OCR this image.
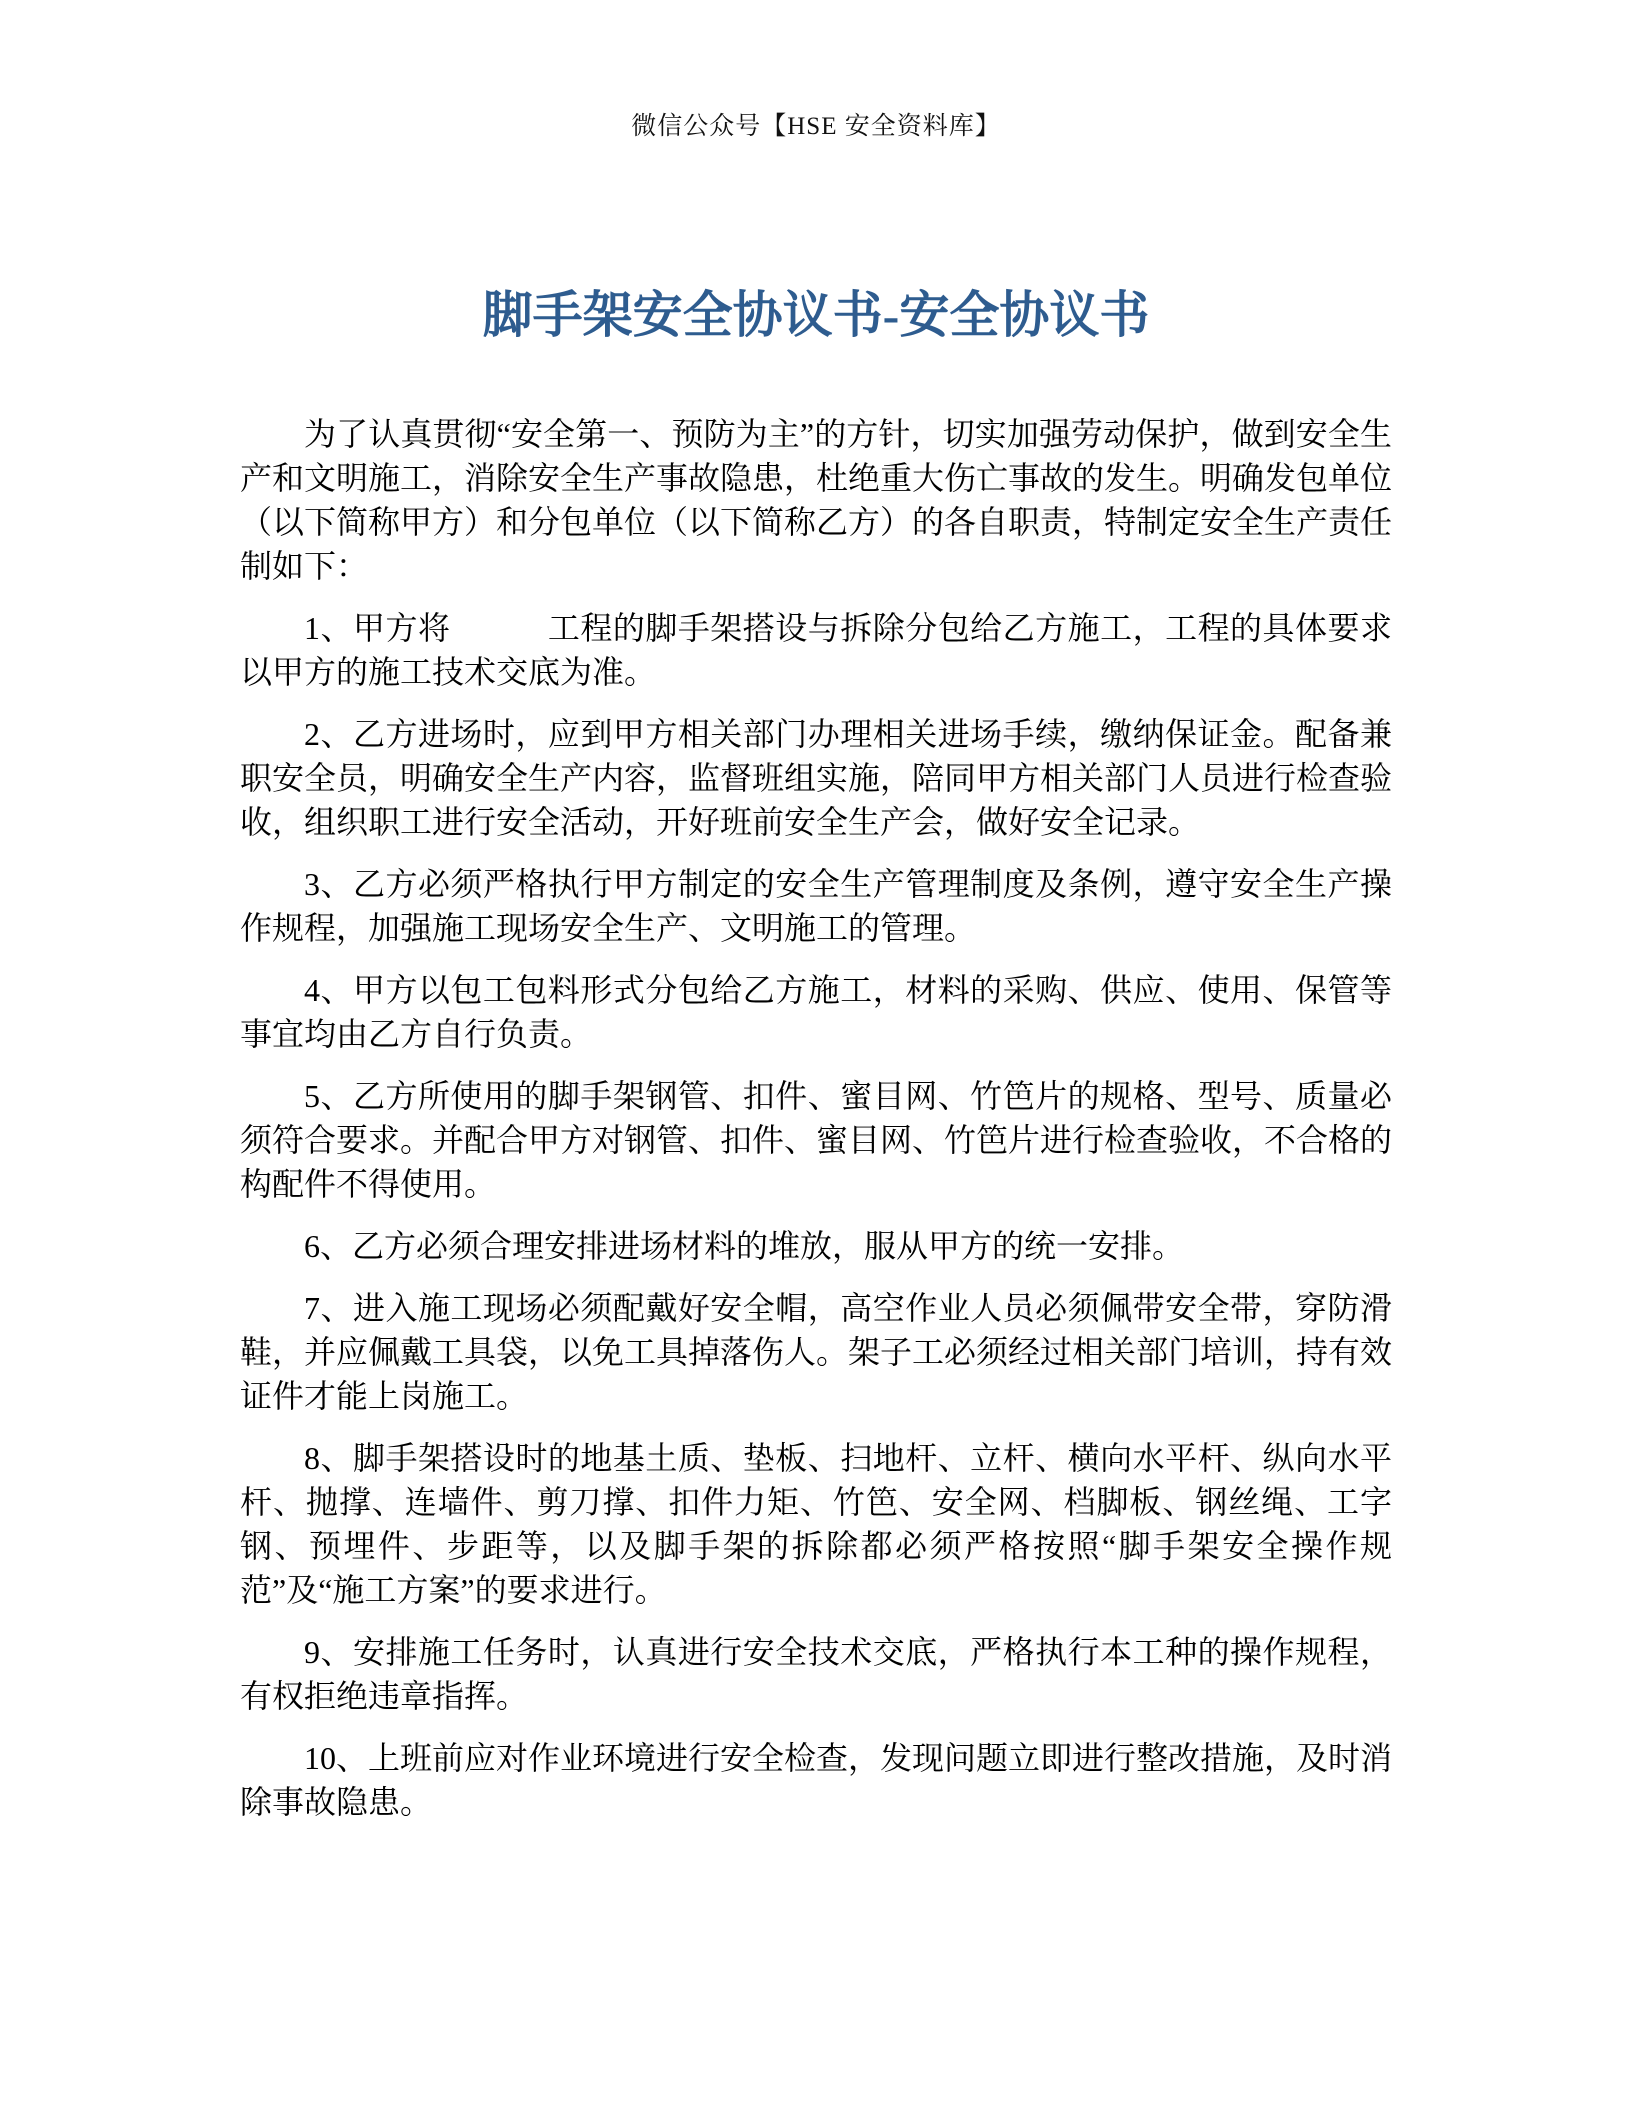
微信公众号【HSE 安全资料库】
脚手架安全协议书-安全协议书

为了认真贯彻“安全第一、预防为主”的方针，切实加强劳动保护，做到安全生产和文明施工，消除安全生产事故隐患，杜绝重大伤亡事故的发生。明确发包单位（以下简称甲方）和分包单位（以下简称乙方）的各自职责，特制定安全生产责任制如下：

1、甲方将　　　工程的脚手架搭设与拆除分包给乙方施工，工程的具体要求以甲方的施工技术交底为准。

2、乙方进场时，应到甲方相关部门办理相关进场手续，缴纳保证金。配备兼职安全员，明确安全生产内容，监督班组实施，陪同甲方相关部门人员进行检查验收，组织职工进行安全活动，开好班前安全生产会，做好安全记录。

3、乙方必须严格执行甲方制定的安全生产管理制度及条例，遵守安全生产操作规程，加强施工现场安全生产、文明施工的管理。

4、甲方以包工包料形式分包给乙方施工，材料的采购、供应、使用、保管等事宜均由乙方自行负责。

5、乙方所使用的脚手架钢管、扣件、蜜目网、竹笆片的规格、型号、质量必须符合要求。并配合甲方对钢管、扣件、蜜目网、竹笆片进行检查验收，不合格的构配件不得使用。

6、乙方必须合理安排进场材料的堆放，服从甲方的统一安排。

7、进入施工现场必须配戴好安全帽，高空作业人员必须佩带安全带，穿防滑鞋，并应佩戴工具袋，以免工具掉落伤人。架子工必须经过相关部门培训，持有效证件才能上岗施工。

8、脚手架搭设时的地基土质、垫板、扫地杆、立杆、横向水平杆、纵向水平杆、抛撑、连墙件、剪刀撑、扣件力矩、竹笆、安全网、档脚板、钢丝绳、工字钢、预埋件、步距等，以及脚手架的拆除都必须严格按照“脚手架安全操作规范”及“施工方案”的要求进行。

9、安排施工任务时，认真进行安全技术交底，严格执行本工种的操作规程，有权拒绝违章指挥。

10、上班前应对作业环境进行安全检查，发现问题立即进行整改措施，及时消除事故隐患。
